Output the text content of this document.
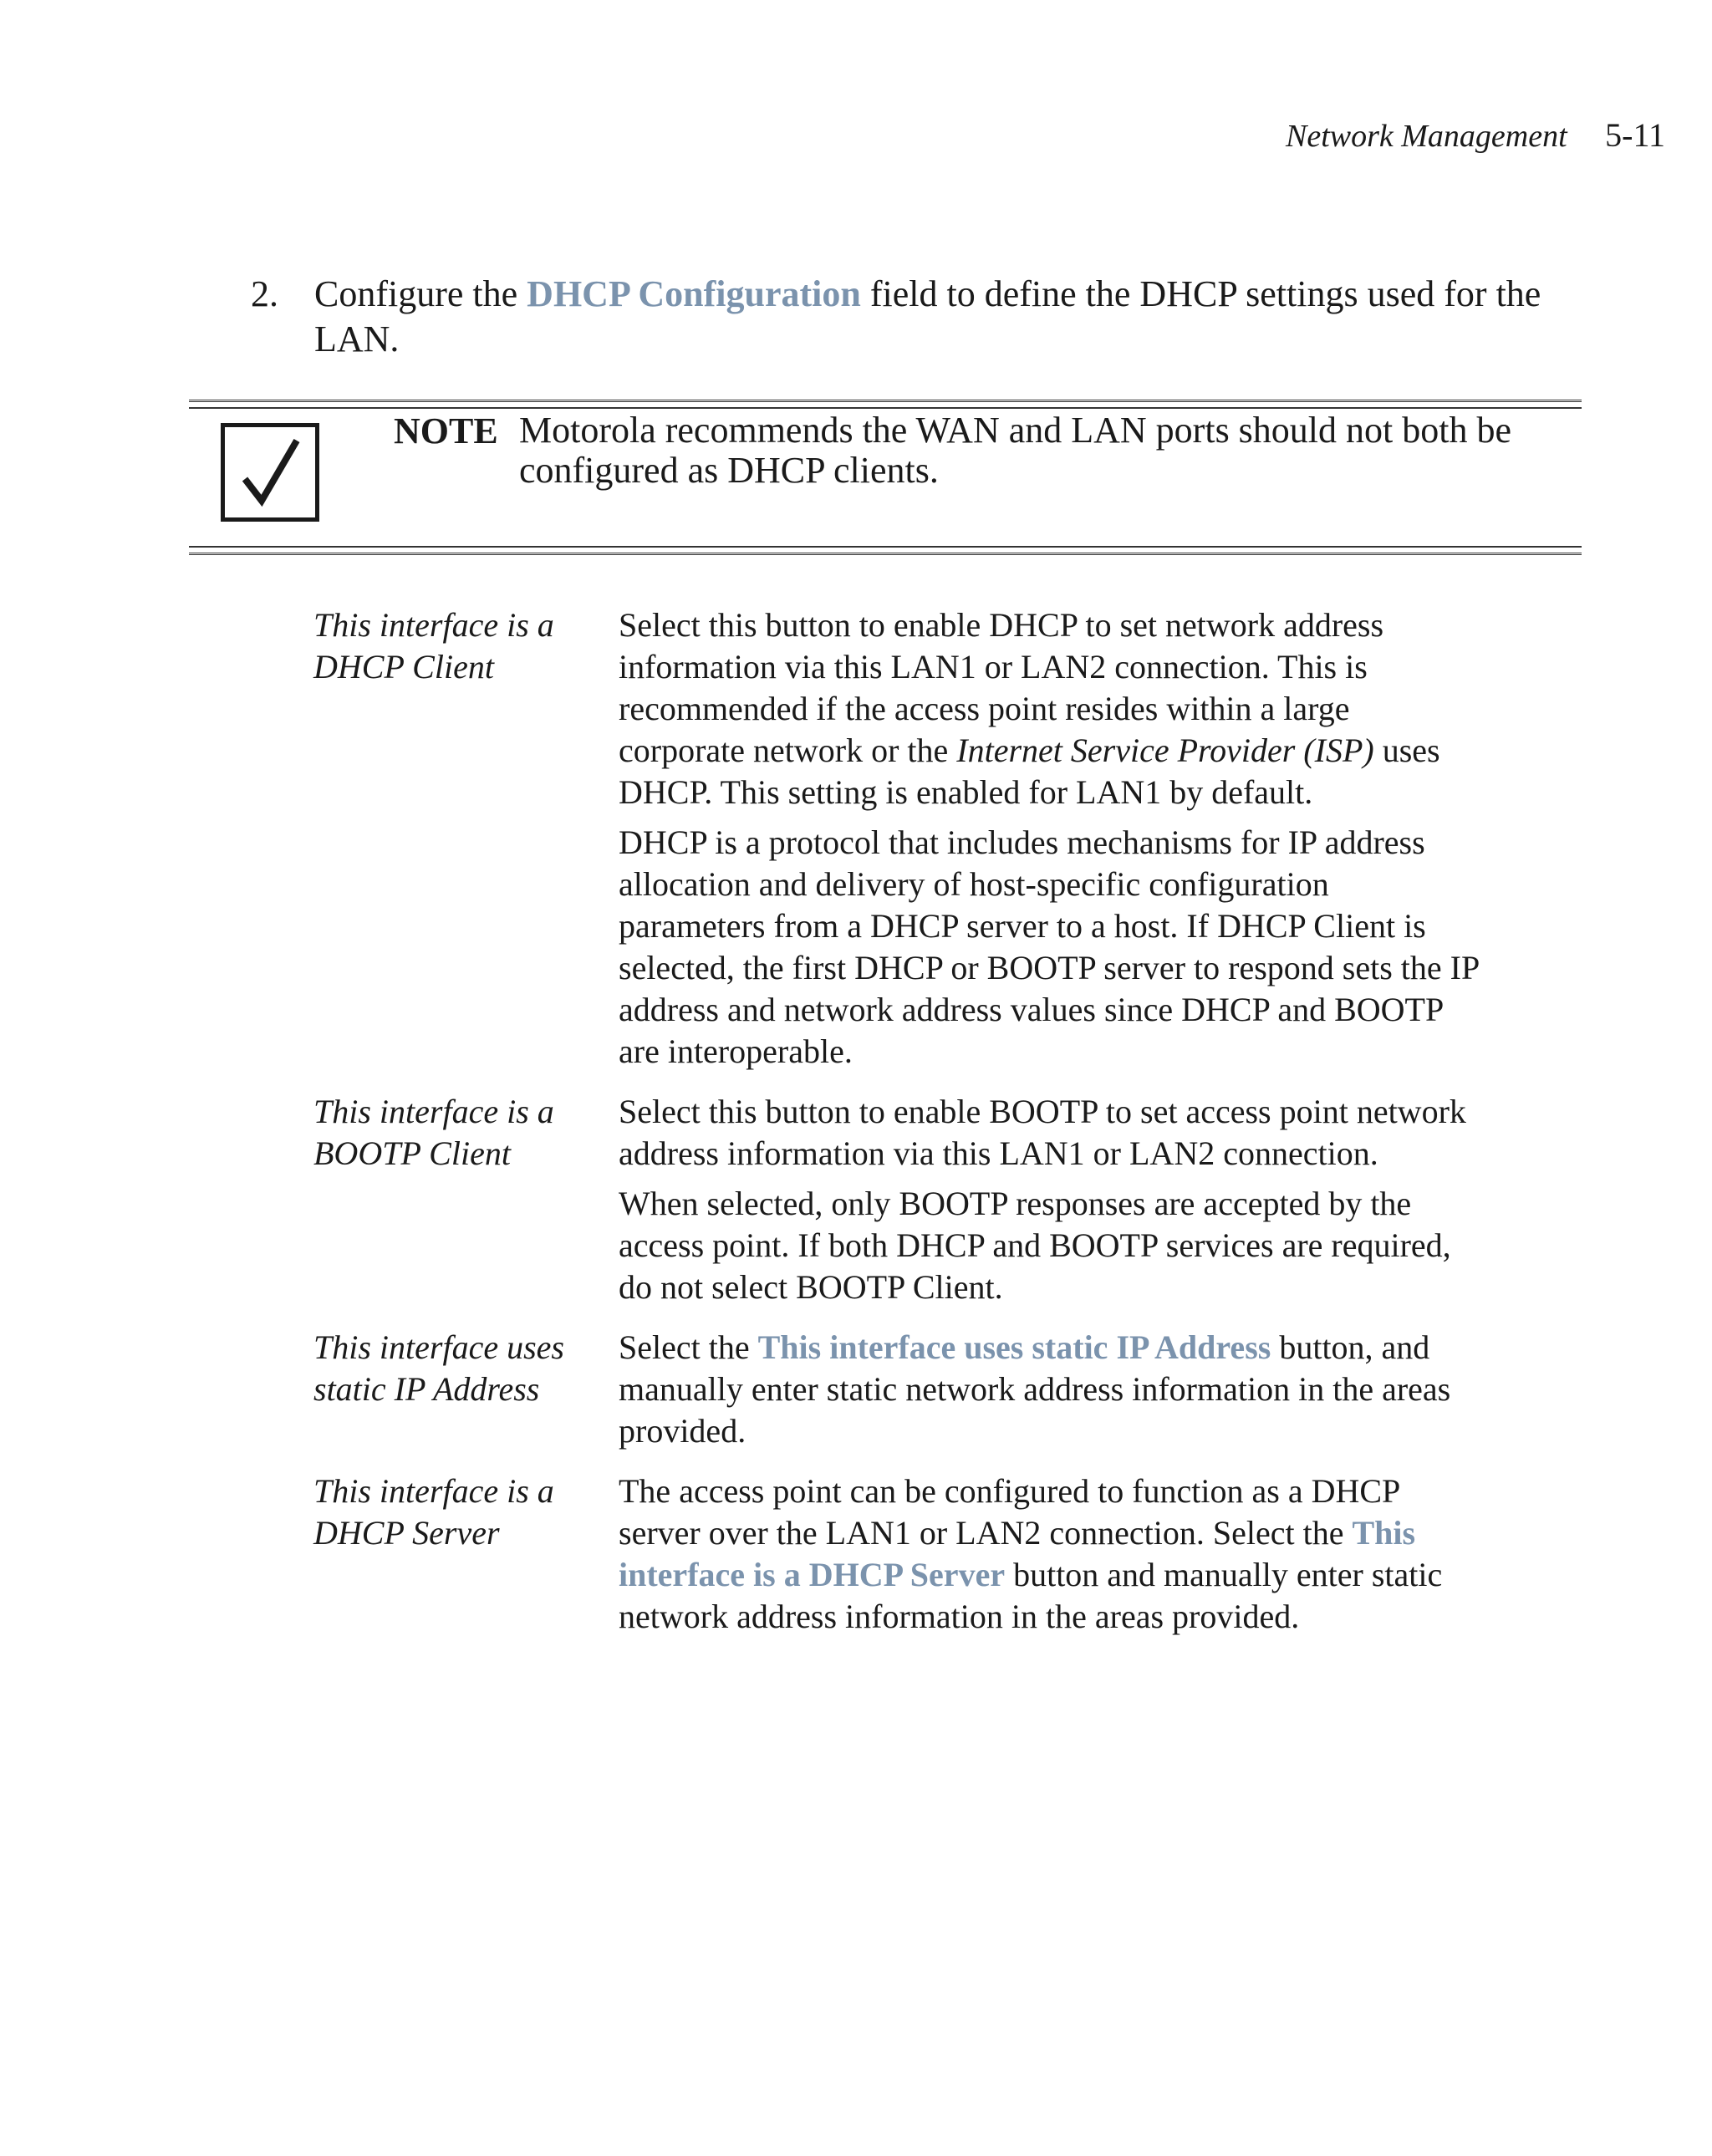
Network Management 5-11
2. Configure the DHCP Configuration field to define the DHCP settings used for the LAN.
NOTE Motorola recommends the WAN and LAN ports should not both be configured as DHCP clients.
This interface is a DHCP Client

Select this button to enable DHCP to set network address information via this LAN1 or LAN2 connection. This is recommended if the access point resides within a large corporate network or the Internet Service Provider (ISP) uses DHCP. This setting is enabled for LAN1 by default.

DHCP is a protocol that includes mechanisms for IP address allocation and delivery of host-specific configuration parameters from a DHCP server to a host. If DHCP Client is selected, the first DHCP or BOOTP server to respond sets the IP address and network address values since DHCP and BOOTP are interoperable.

This interface is a BOOTP Client

Select this button to enable BOOTP to set access point network address information via this LAN1 or LAN2 connection.

When selected, only BOOTP responses are accepted by the access point. If both DHCP and BOOTP services are required, do not select BOOTP Client.

This interface uses static IP Address

Select the This interface uses static IP Address button, and manually enter static network address information in the areas provided.

This interface is a DHCP Server

The access point can be configured to function as a DHCP server over the LAN1 or LAN2 connection. Select the This interface is a DHCP Server button and manually enter static network address information in the areas provided.
